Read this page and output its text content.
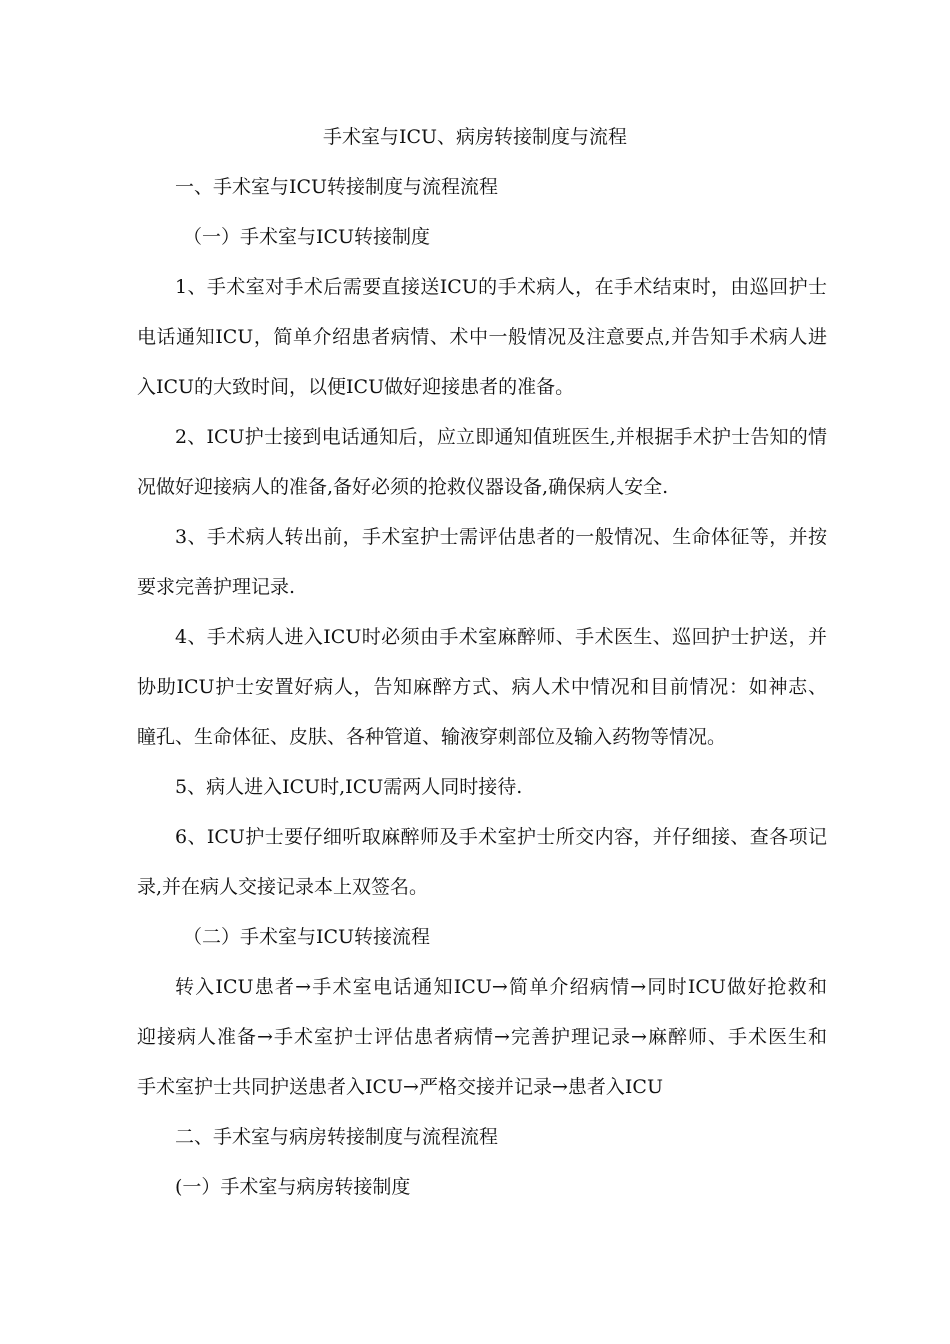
手术室与ICU、病房转接制度与流程
一、手术室与ICU转接制度与流程流程
（一）手术室与ICU转接制度
1、手术室对手术后需要直接送ICU的手术病人，在手术结束时，由巡回护士
电话通知ICU，简单介绍患者病情、术中一般情况及注意要点,并告知手术病人进
入ICU的大致时间，以便ICU做好迎接患者的准备。
2、ICU护士接到电话通知后，应立即通知值班医生,并根据手术护士告知的情
况做好迎接病人的准备,备好必须的抢救仪器设备,确保病人安全.
3、手术病人转出前，手术室护士需评估患者的一般情况、生命体征等，并按
要求完善护理记录.
4、手术病人进入ICU时必须由手术室麻醉师、手术医生、巡回护士护送，并
协助ICU护士安置好病人，告知麻醉方式、病人术中情况和目前情况：如神志、
瞳孔、生命体征、皮肤、各种管道、输液穿刺部位及输入药物等情况。
5、病人进入ICU时,ICU需两人同时接待.
6、ICU护士要仔细听取麻醉师及手术室护士所交内容，并仔细接、查各项记
录,并在病人交接记录本上双签名。
（二）手术室与ICU转接流程
转入ICU患者→手术室电话通知ICU→简单介绍病情→同时ICU做好抢救和
迎接病人准备→手术室护士评估患者病情→完善护理记录→麻醉师、手术医生和
手术室护士共同护送患者入ICU→严格交接并记录→患者入ICU
二、手术室与病房转接制度与流程流程
(一）手术室与病房转接制度
